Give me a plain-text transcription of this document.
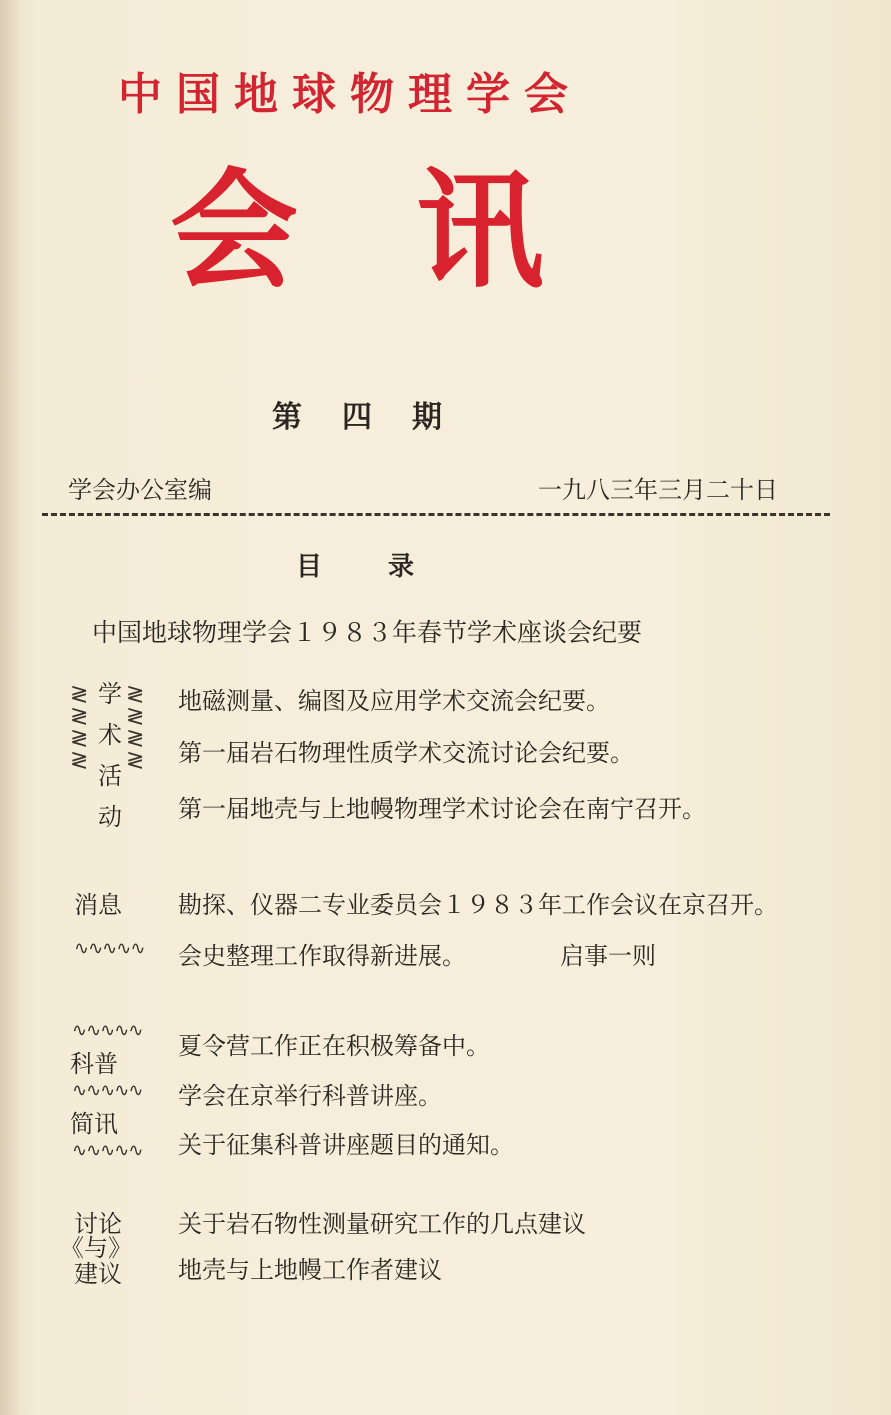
中国地球物理学会
会讯
第四期
学会办公室编	一九八三年三月二十日
目录
中国地球物理学会１９８３年春节学术座谈会纪要
≷
≷
≷
≷
学
术
活
动
≷
≷
≷
≷
地磁测量、编图及应用学术交流会纪要。
第一届岩石物理性质学术交流讨论会纪要。
第一届地壳与上地幔物理学术讨论会在南宁召开。
消息
∿∿∿∿∿
勘探、仪器二专业委员会１９８３年工作会议在京召开。
会史整理工作取得新进展。	启事一则
∿∿∿∿∿
科普
∿∿∿∿∿
简讯
∿∿∿∿∿
夏令营工作正在积极筹备中。
学会在京举行科普讲座。
关于征集科普讲座题目的通知。
讨论
《与》
建议
关于岩石物性测量研究工作的几点建议
地壳与上地幔工作者建议
